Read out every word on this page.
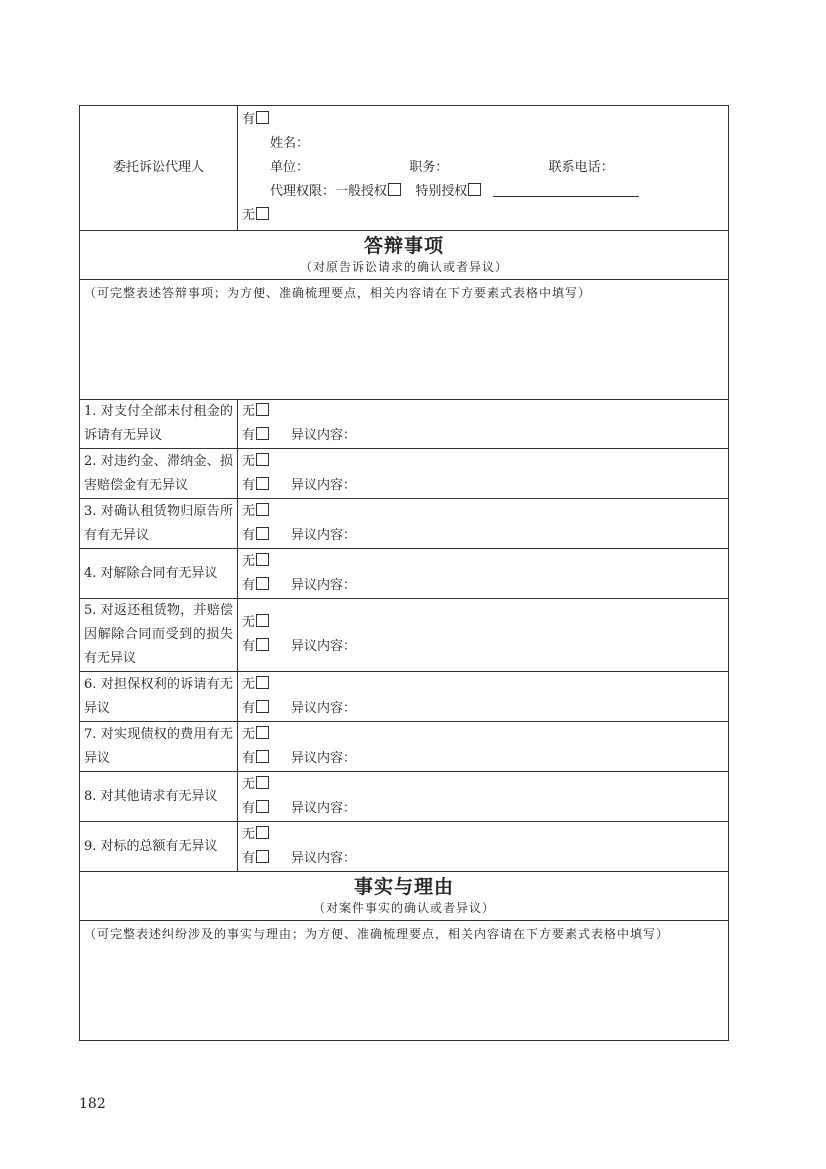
委托诉讼代理人	有
姓名：
单位： 职务： 联系电话：
代理权限：一般授权 特别授权
无

答辩事项
（对原告诉讼请求的确认或者异议）	

（可完整表述答辩事项；为方便、准确梳理要点，相关内容请在下方要素式表格中填写）	
1. 对支付全部未付租金的诉请有无异议	无
有 异议内容：

2. 对违约金、滞纳金、损害赔偿金有无异议	无
有 异议内容：

3. 对确认租赁物归原告所有有无异议	无
有 异议内容：

4. 对解除合同有无异议	无
有 异议内容：

5. 对返还租赁物，并赔偿因解除合同而受到的损失有无异议	无
有 异议内容：

6. 对担保权利的诉请有无异议	无
有 异议内容：

7. 对实现债权的费用有无异议	无
有 异议内容：

8. 对其他请求有无异议	无
有 异议内容：

9. 对标的总额有无异议	无
有 异议内容：

事实与理由
（对案件事实的确认或者异议）	

（可完整表述纠纷涉及的事实与理由；为方便、准确梳理要点，相关内容请在下方要素式表格中填写）	
182
